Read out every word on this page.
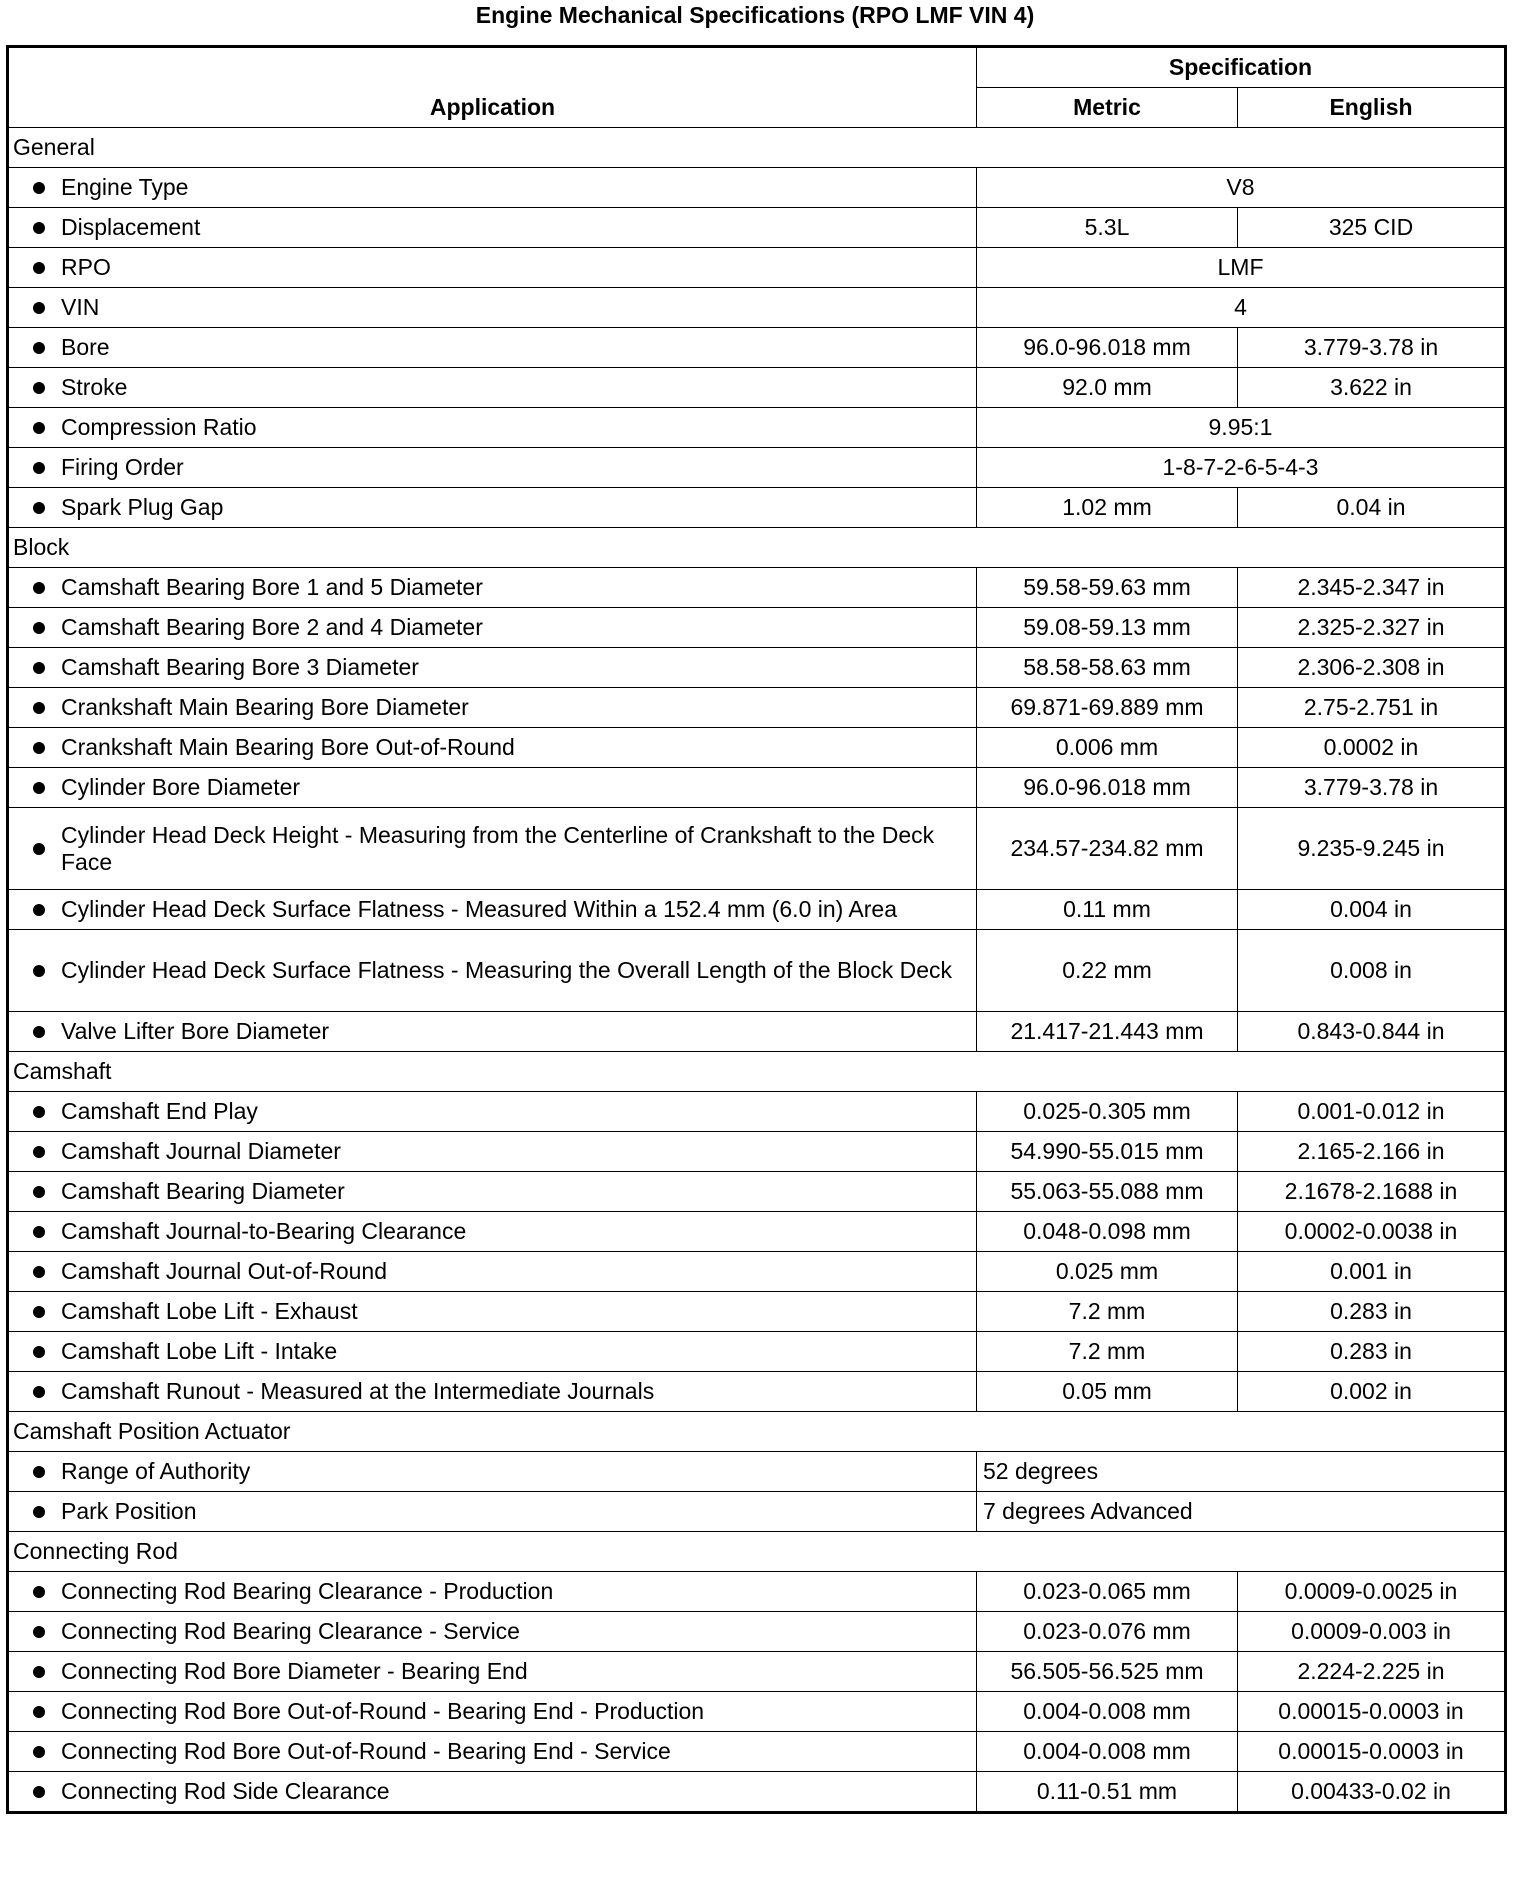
Engine Mechanical Specifications (RPO LMF VIN 4)
Application	Specification	
	Metric	English
General		

Engine Type	V8	

Displacement	5.3L	325 CID

RPO	LMF	

VIN	4	

Bore	96.0-96.018 mm	3.779-3.78 in

Stroke	92.0 mm	3.622 in

Compression Ratio	9.95:1	

Firing Order	1-8-7-2-6-5-4-3	

Spark Plug Gap	1.02 mm	0.04 in
Block		

Camshaft Bearing Bore 1 and 5 Diameter	59.58-59.63 mm	2.345-2.347 in

Camshaft Bearing Bore 2 and 4 Diameter	59.08-59.13 mm	2.325-2.327 in

Camshaft Bearing Bore 3 Diameter	58.58-58.63 mm	2.306-2.308 in

Crankshaft Main Bearing Bore Diameter	69.871-69.889 mm	2.75-2.751 in

Crankshaft Main Bearing Bore Out-of-Round	0.006 mm	0.0002 in

Cylinder Bore Diameter	96.0-96.018 mm	3.779-3.78 in

Cylinder Head Deck Height - Measuring from the Centerline of Crankshaft to the Deck Face	234.57-234.82 mm	9.235-9.245 in

Cylinder Head Deck Surface Flatness - Measured Within a 152.4 mm (6.0 in) Area	0.11 mm	0.004 in

Cylinder Head Deck Surface Flatness - Measuring the Overall Length of the Block Deck	0.22 mm	0.008 in

Valve Lifter Bore Diameter	21.417-21.443 mm	0.843-0.844 in
Camshaft		

Camshaft End Play	0.025-0.305 mm	0.001-0.012 in

Camshaft Journal Diameter	54.990-55.015 mm	2.165-2.166 in

Camshaft Bearing Diameter	55.063-55.088 mm	2.1678-2.1688 in

Camshaft Journal-to-Bearing Clearance	0.048-0.098 mm	0.0002-0.0038 in

Camshaft Journal Out-of-Round	0.025 mm	0.001 in

Camshaft Lobe Lift - Exhaust	7.2 mm	0.283 in

Camshaft Lobe Lift - Intake	7.2 mm	0.283 in

Camshaft Runout - Measured at the Intermediate Journals	0.05 mm	0.002 in
Camshaft Position Actuator		

Range of Authority	52 degrees	

Park Position	7 degrees Advanced	
Connecting Rod		

Connecting Rod Bearing Clearance - Production	0.023-0.065 mm	0.0009-0.0025 in

Connecting Rod Bearing Clearance - Service	0.023-0.076 mm	0.0009-0.003 in

Connecting Rod Bore Diameter - Bearing End	56.505-56.525 mm	2.224-2.225 in

Connecting Rod Bore Out-of-Round - Bearing End - Production	0.004-0.008 mm	0.00015-0.0003 in

Connecting Rod Bore Out-of-Round - Bearing End - Service	0.004-0.008 mm	0.00015-0.0003 in

Connecting Rod Side Clearance	0.11-0.51 mm	0.00433-0.02 in
